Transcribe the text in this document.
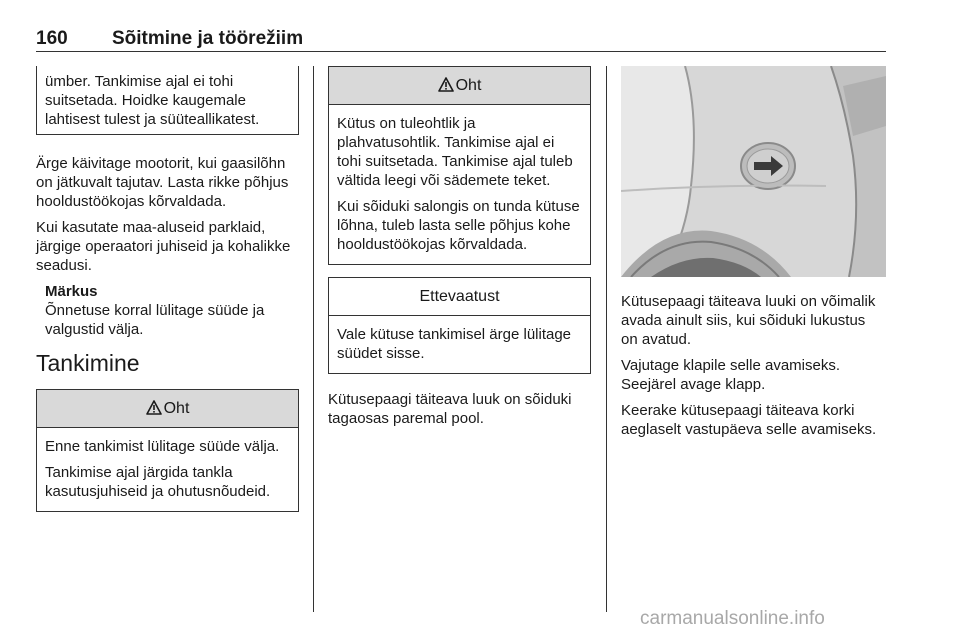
160 Sõitmine ja töörežiim

ümber. Tankimise ajal ei tohi suitsetada. Hoidke kaugemale lahtisest tulest ja süüteallikatest.

Ärge käivitage mootorit, kui gaasilõhn on jätkuvalt tajutav. Lasta rikke põhjus hooldustöökojas kõrvaldada.

Kui kasutate maa-aluseid parklaid, järgige operaatori juhiseid ja kohalikke seadusi.

Märkus
Õnnetuse korral lülitage süüde ja valgustid välja.
Tankimine
Oht

Enne tankimist lülitage süüde välja.

Tankimise ajal järgida tankla kasutusjuhiseid ja ohutusnõudeid.

Oht

Kütus on tuleohtlik ja plahvatusohtlik. Tankimise ajal ei tohi suitsetada. Tankimise ajal tuleb vältida leegi või sädemete teket.

Kui sõiduki salongis on tunda kütuse lõhna, tuleb lasta selle põhjus kohe hooldustöökojas kõrvaldada.

Ettevaatust

Vale kütuse tankimisel ärge lülitage süüdet sisse.

Kütusepaagi täiteava luuk on sõiduki tagaosas paremal pool.

Kütusepaagi täiteava luuki on võimalik avada ainult siis, kui sõiduki lukustus on avatud.

Vajutage klapile selle avamiseks. Seejärel avage klapp.

Keerake kütusepaagi täiteava korki aeglaselt vastupäeva selle avamiseks.

carmanualsonline.info
